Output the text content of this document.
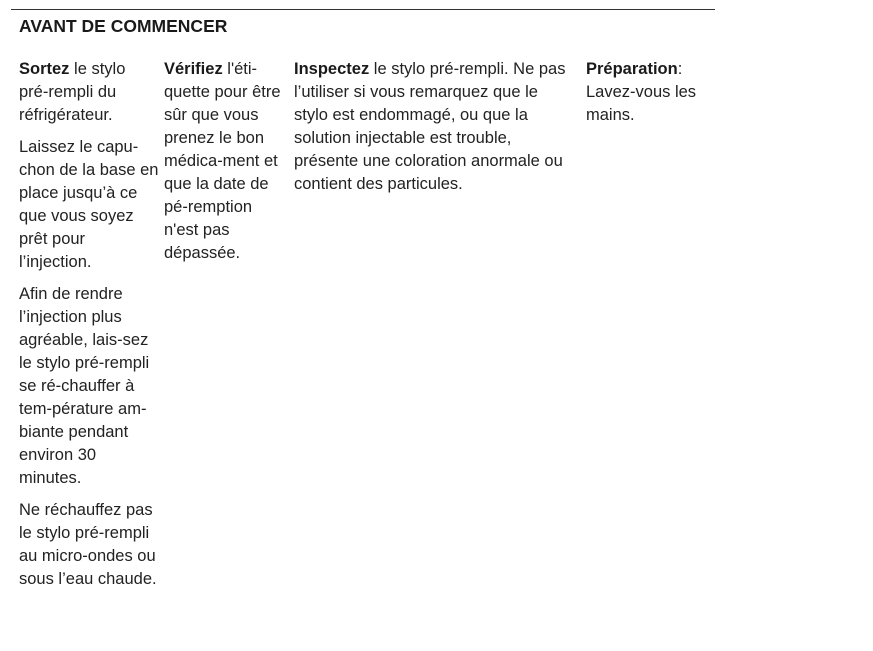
AVANT DE COMMENCER

Sortez le stylo pré-rempli du réfrigérateur.

Laissez le capu-chon de la base en place jusqu’à ce que vous soyez prêt pour l’injection.

Afin de rendre l’injection plus agréable, lais-sez le stylo pré-rempli se ré-chauffer à tem-pérature am-biante pendant environ 30 minutes.

Ne réchauffez pas le stylo pré-rempli au micro-ondes ou sous l’eau chaude.

Vérifiez l'éti-quette pour être sûr que vous prenez le bon médica-ment et que la date de pé-remption n'est pas dépassée.

Inspectez le stylo pré-rempli. Ne pas l’utiliser si vous remarquez que le stylo est endommagé, ou que la solution injectable est trouble, présente une coloration anormale ou contient des particules.

Préparation: Lavez-vous les mains.
